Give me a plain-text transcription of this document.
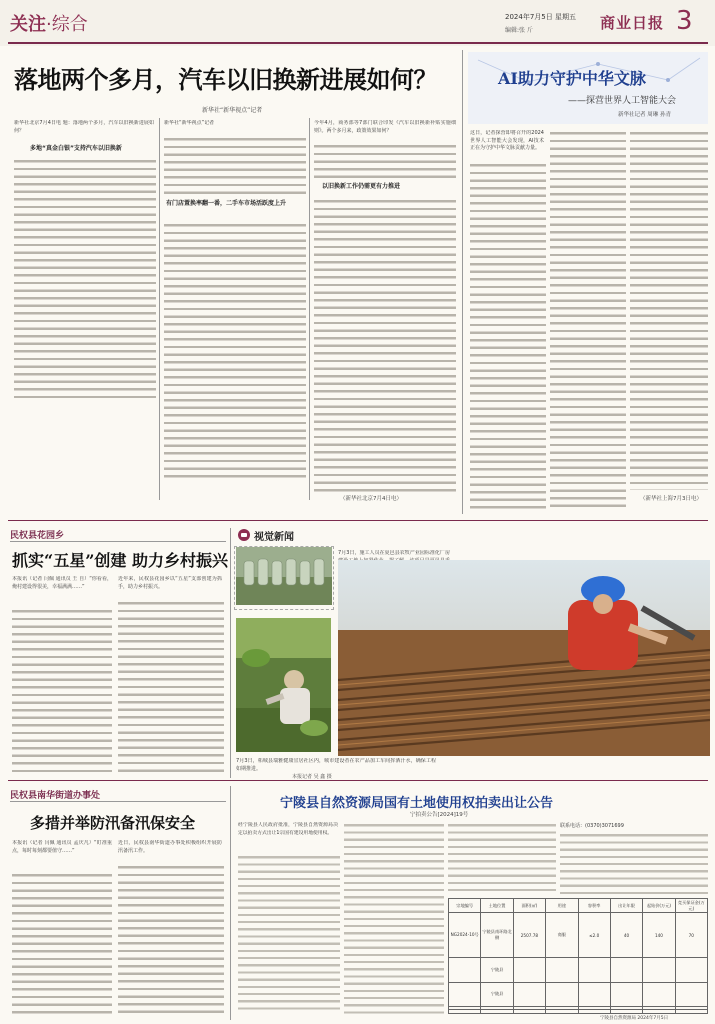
关注·综合	2024年7月5日 星期五
编辑:张 斤	商业日报 3
落地两个多月，汽车以旧换新进展如何？
新华社“新华视点”记者
新华社北京7月4日电 题：落地两个多月，汽车以旧换新进展如何？
多地“真金白银”支持汽车以旧换新
新华社“新华视点”记者
有门店置换率翻一番，二手车市场活跃度上升
今年4月，商务部等7部门联合印发《汽车以旧换新补贴实施细则》。两个多月来，政策效果如何？
以旧换新工作仍需更有力推进
（新华社北京7月4日电）
AI助力守护中华文脉
——探营世界人工智能大会
新华社记者 周琳 孙青
这日，记者探营即将召开的2024世界人工智能大会发现，AI技术正在为守护中华文脉贡献力量。
（新华社上海7月3日电）
民权县花园乡
抓实“五星”创建 助力乡村振兴
本报讯（记者 闫佩 通讯员 王 自）“你看看，俺村建设得很美，幸福满满……”
近年来，民权县花园乡以“五星”支部创建为抓手，助力乡村振兴。
视觉新闻
7月3日，施工人员在夏邑县农牧产业园标准化厂房
7月3日，柘城县瑞雅健康宜居社区内，城市建设者在农产品加工车间挥洒汗水，确保工程如期推进。
本报记者 吴 鑫 摄
民权县南华街道办事处
多措并举防汛备汛保安全
本报讯（记者 闫佩 通讯员 孟庆凡）“盯准重点，每时每刻都要值守……”
近日，民权县南华街道办事处积极组织开展防汛备汛工作。
宁陵县自然资源局国有土地使用权拍卖出让公告
宁拍卖公告[2024]19号
经宁陵县人民政府批准，宁陵县自然资源局决定以拍卖方式出让1宗国有建设用地使用权。
联系电话：(0370)3071699
宗地编号	土地位置	面积(㎡)	用途	容积率	出让年限	起始价(万元)	竞买保证金(万元)
NG2024-10号	宁陵县南环路北侧	2507.78	商服	≤2.0	40	140	70
	宁陵县						
	宁陵县						

宁陵县自然资源局 2024年7月5日
